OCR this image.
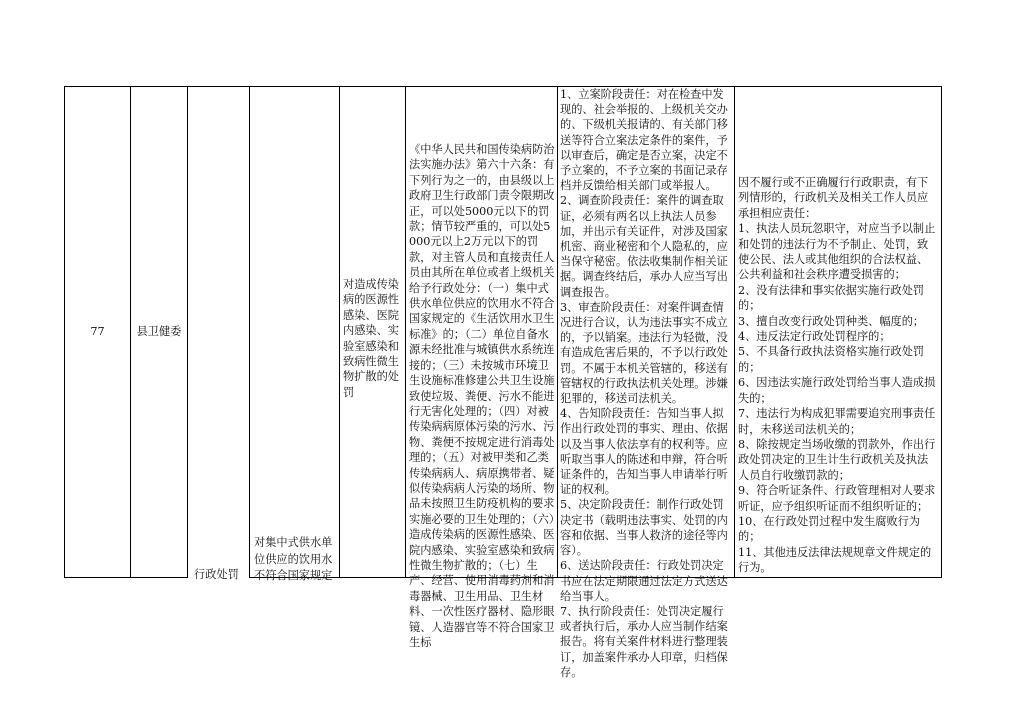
77	县卫健委
行政处罚

对集中式供水单位供应的饮用水不符合国家规定

对造成传染病的医源性感染、医院内感染、实验室感染和致病性微生物扩散的处罚

《中华人民共和国传染病防治法实施办法》第六十六条：有下列行为之一的，由县级以上政府卫生行政部门责令限期改正，可以处5000元以下的罚款；情节较严重的，可以处5000元以上2万元以下的罚款，对主管人员和直接责任人员由其所在单位或者上级机关给予行政处分：（一）集中式供水单位供应的饮用水不符合国家规定的《生活饮用水卫生标准》的；（二）单位自备水源未经批准与城镇供水系统连接的；（三）未按城市环境卫生设施标准修建公共卫生设施致使垃圾、粪便、污水不能进行无害化处理的；（四）对被传染病病原体污染的污水、污物、粪便不按规定进行消毒处理的；（五）对被甲类和乙类传染病病人、病原携带者、疑似传染病病人污染的场所、物品未按照卫生防疫机构的要求实施必要的卫生处理的；（六）造成传染病的医源性感染、医院内感染、实验室感染和致病性微生物扩散的；（七）生产、经营、使用消毒药剂和消毒器械、卫生用品、卫生材料、一次性医疗器材、隐形眼镜、人造器官等不符合国家卫生标

1、立案阶段责任：对在检查中发现的、社会举报的、上级机关交办的、下级机关报请的、有关部门移送等符合立案法定条件的案件，予以审查后，确定是否立案，决定不予立案的，不予立案的书面记录存档并反馈给相关部门或举报人。
2、调查阶段责任：案件的调查取证，必须有两名以上执法人员参加，并出示有关证件，对涉及国家机密、商业秘密和个人隐私的，应当保守秘密。依法收集制作相关证据。调查终结后，承办人应当写出调查报告。
3、审查阶段责任：对案件调查情况进行合议，认为违法事实不成立的，予以销案。违法行为轻微，没有造成危害后果的，不予以行政处罚。不属于本机关管辖的，移送有管辖权的行政执法机关处理。涉嫌犯罪的，移送司法机关。
4、告知阶段责任：告知当事人拟作出行政处罚的事实、理由、依据以及当事人依法享有的权利等。应听取当事人的陈述和申辩，符合听证条件的，告知当事人申请举行听证的权利。
5、决定阶段责任：制作行政处罚决定书（载明违法事实、处罚的内容和依据、当事人救济的途径等内容）。
6、送达阶段责任：行政处罚决定书应在法定期限通过法定方式送达给当事人。
7、执行阶段责任：处罚决定履行或者执行后，承办人应当制作结案报告。将有关案件材料进行整理装订，加盖案件承办人印章，归档保存。

因不履行或不正确履行行政职责，有下列情形的，行政机关及相关工作人员应承担相应责任：
1、执法人员玩忽职守，对应当予以制止和处罚的违法行为不予制止、处罚，致使公民、法人或其他组织的合法权益、公共利益和社会秩序遭受损害的；
2、没有法律和事实依据实施行政处罚的；
3、擅自改变行政处罚种类、幅度的；
4、违反法定行政处罚程序的；
5、不具备行政执法资格实施行政处罚的；
6、因违法实施行政处罚给当事人造成损失的；
7、违法行为构成犯罪需要追究刑事责任时，未移送司法机关的；
8、除按规定当场收缴的罚款外，作出行政处罚决定的卫生计生行政机关及执法人员自行收缴罚款的；
9、符合听证条件、行政管理相对人要求听证，应予组织听证而不组织听证的；
10、在行政处罚过程中发生腐败行为的；
11、其他违反法律法规规章文件规定的行为。
